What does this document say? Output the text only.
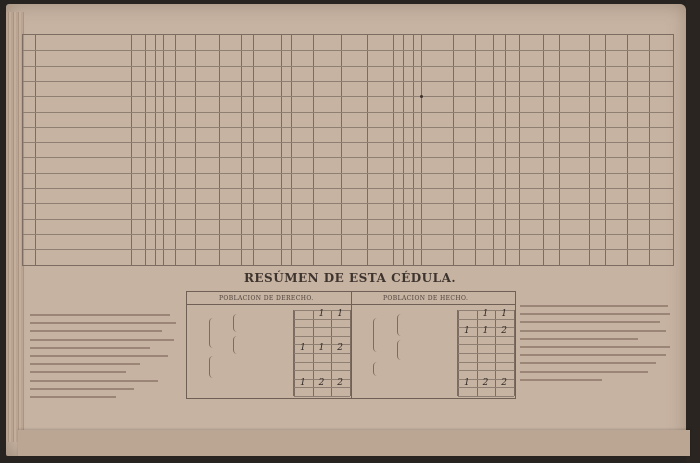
RESÚMEN DE ESTA CÉDULA.
POBLACION DE DERECHO.	POBLACION DE HECHO.
1 1
1 1 2
1 2 2
1 1
1 1 2
1 2 2
